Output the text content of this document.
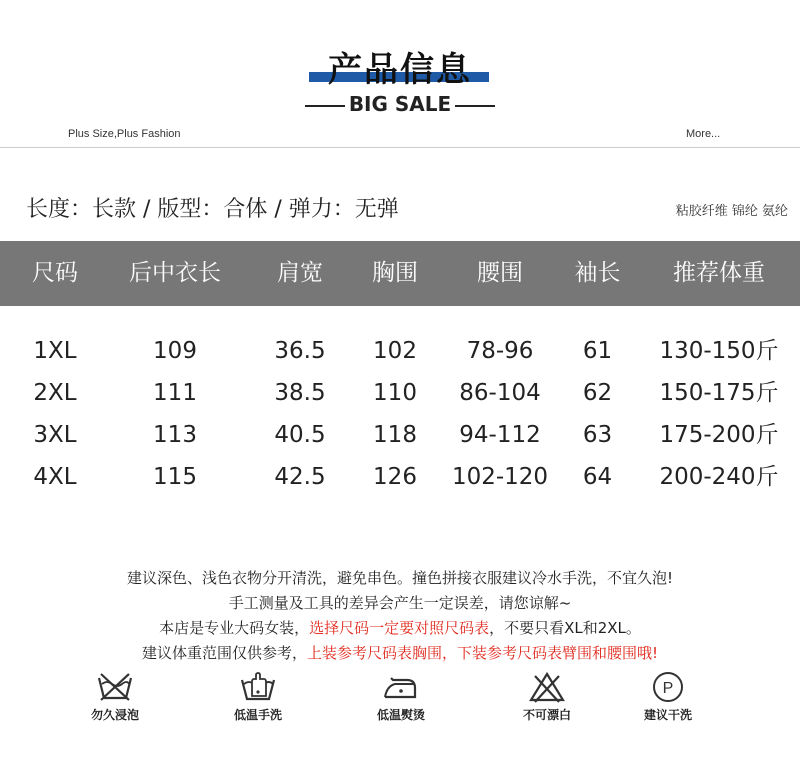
产品信息
BIG SALE
Plus Size,Plus Fashion	More...
长度：长款 / 版型：合体 / 弹力：无弹	粘胶纤维 锦纶 氨纶
尺码	后中衣长	肩宽	胸围	腰围	袖长	推荐体重
1XL	109	36.5	102	78-96	61	130-150斤
2XL	111	38.5	110	86-104	62	150-175斤
3XL	113	40.5	118	94-112	63	175-200斤
4XL	115	42.5	126	102-120	64	200-240斤
建议深色、浅色衣物分开清洗，避免串色。撞色拼接衣服建议冷水手洗，不宜久泡!
手工测量及工具的差异会产生一定误差，请您谅解~
本店是专业大码女装，选择尺码一定要对照尺码表，不要只看XL和2XL。
建议体重范围仅供参考，上装参考尺码表胸围，下装参考尺码表臂围和腰围哦!
勿久浸泡	低温手洗	低温熨烫	不可漂白
P
建议干洗
